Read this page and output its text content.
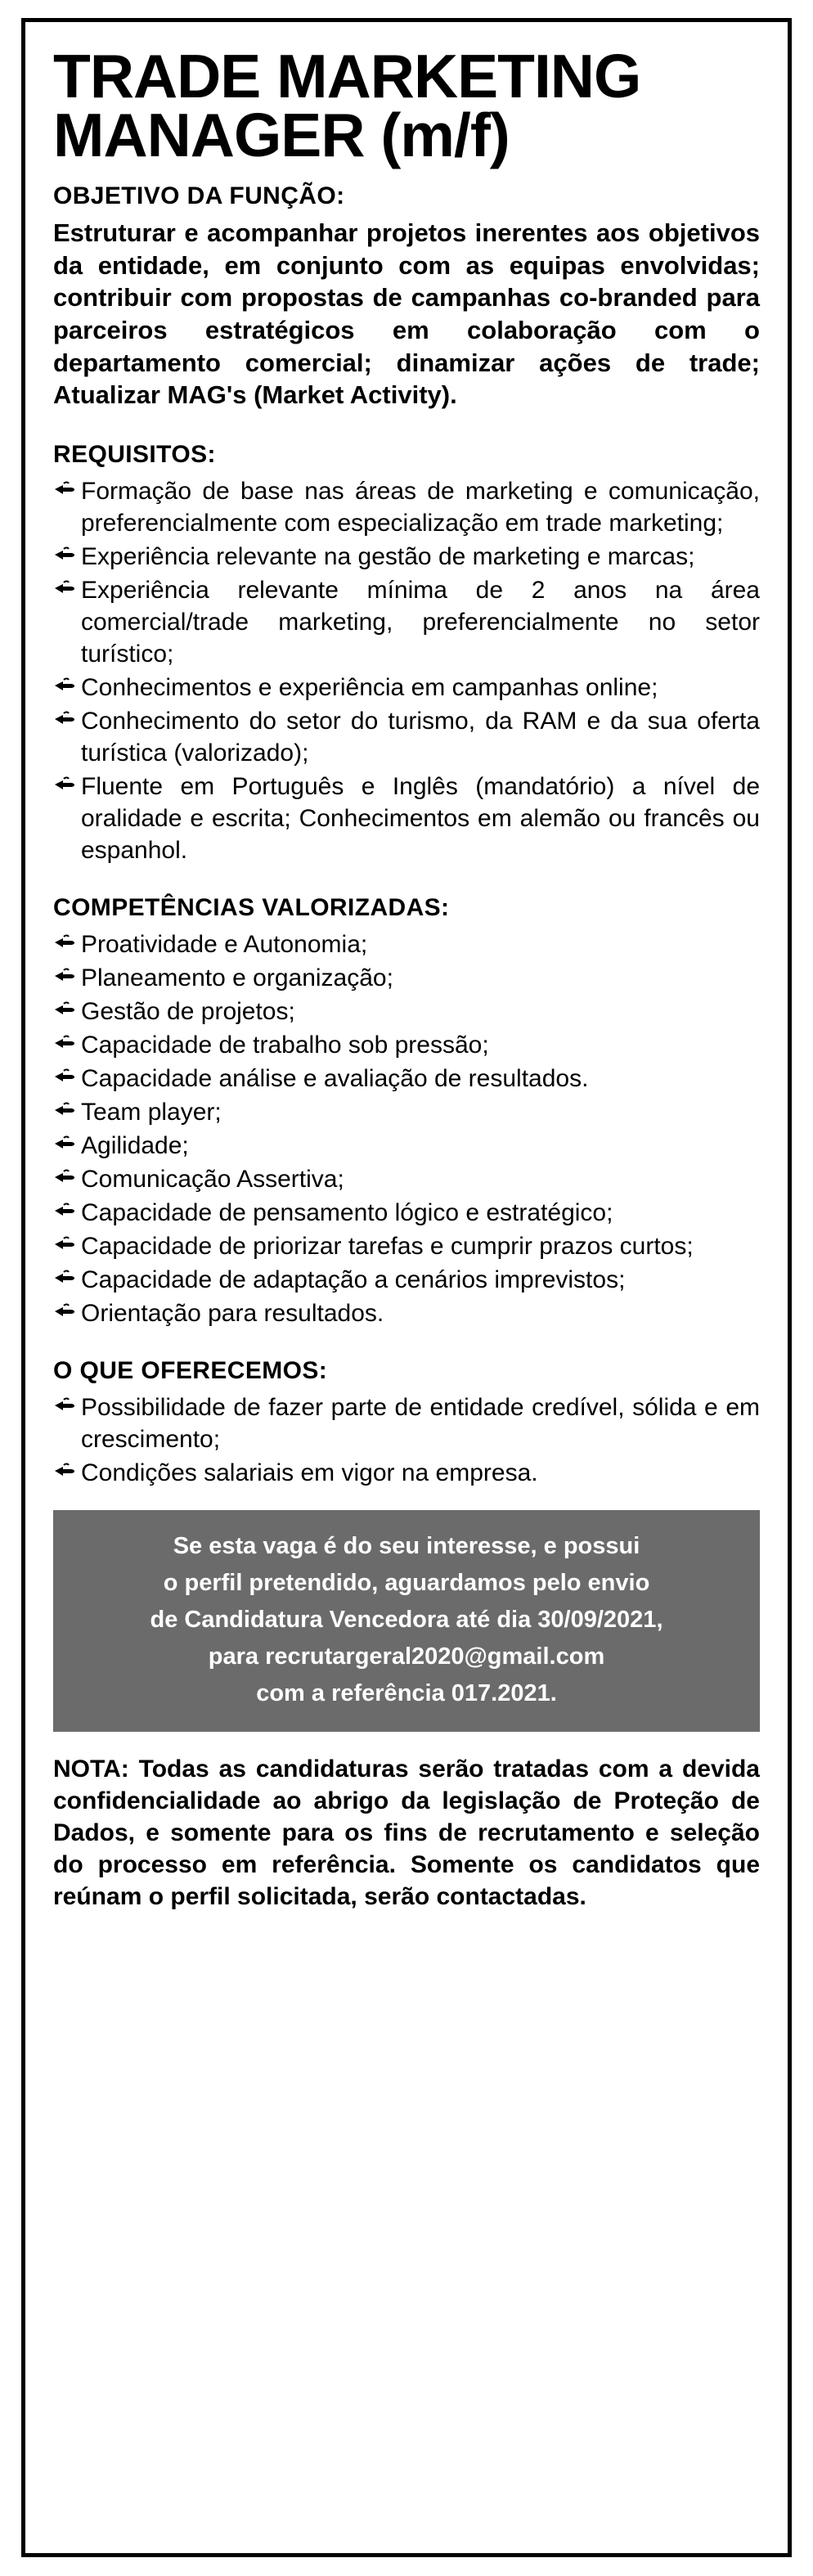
TRADE MARKETING MANAGER (m/f)
OBJETIVO DA FUNÇÃO:

Estruturar e acompanhar projetos inerentes aos objetivos da entidade, em conjunto com as equipas envolvidas; contribuir com propostas de campanhas co-branded para parceiros estratégicos em colaboração com o departamento comercial; dinamizar ações de trade; Atualizar MAG's (Market Activity).

REQUISITOS:
Formação de base nas áreas de marketing e comunicação, preferencialmente com especialização em trade marketing;
Experiência relevante na gestão de marketing e marcas;
Experiência relevante mínima de 2 anos na área comercial/trade marketing, preferencialmente no setor turístico;
Conhecimentos e experiência em campanhas online;
Conhecimento do setor do turismo, da RAM e da sua oferta turística (valorizado);
Fluente em Português e Inglês (mandatório) a nível de oralidade e escrita; Conhecimentos em alemão ou francês ou espanhol.
COMPETÊNCIAS VALORIZADAS:
Proatividade e Autonomia;
Planeamento e organização;
Gestão de projetos;
Capacidade de trabalho sob pressão;
Capacidade análise e avaliação de resultados.
Team player;
Agilidade;
Comunicação Assertiva;
Capacidade de pensamento lógico e estratégico;
Capacidade de priorizar tarefas e cumprir prazos curtos;
Capacidade de adaptação a cenários imprevistos;
Orientação para resultados.
O QUE OFERECEMOS:
Possibilidade de fazer parte de entidade credível, sólida e em crescimento;
Condições salariais em vigor na empresa.
Se esta vaga é do seu interesse, e possui
o perfil pretendido, aguardamos pelo envio
de Candidatura Vencedora até dia 30/09/2021,
para recrutargeral2020@gmail.com
com a referência 017.2021.

NOTA: Todas as candidaturas serão tratadas com a devida confidencialidade ao abrigo da legislação de Proteção de Dados, e somente para os fins de recrutamento e seleção do processo em referência. Somente os candidatos que reúnam o perfil solicitada, serão contactadas.
